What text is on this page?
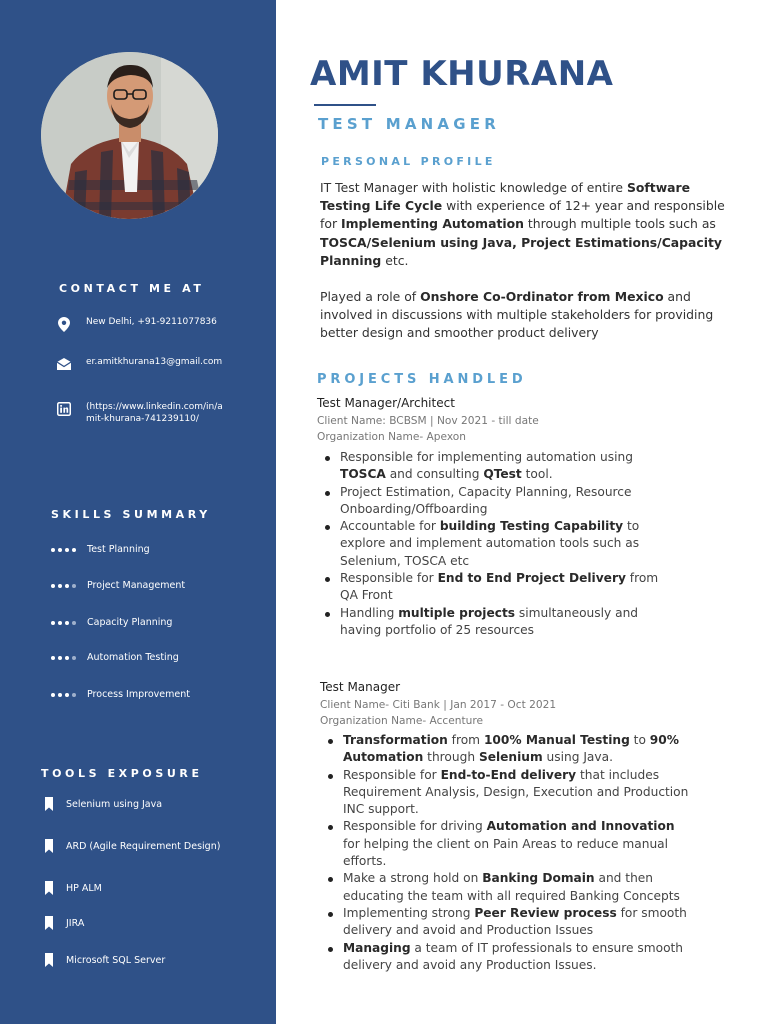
CONTACT ME AT
New Delhi, +91-9211077836
er.amitkhurana13@gmail.com
(https://www.linkedin.com/in/a
mit-khurana-741239110/
SKILLS SUMMARY
Test Planning
Project Management
Capacity Planning
Automation Testing
Process Improvement
TOOLS EXPOSURE
Selenium using Java
ARD (Agile Requirement Design)
HP ALM
JIRA
Microsoft SQL Server
AMIT KHURANA
TEST MANAGER
PERSONAL PROFILE
IT Test Manager with holistic knowledge of entire Software Testing Life Cycle with experience of 12+ year and responsible for Implementing Automation through multiple tools such as TOSCA/Selenium using Java, Project Estimations/Capacity Planning etc.
Played a role of Onshore Co-Ordinator from Mexico and involved in discussions with multiple stakeholders for providing better design and smoother product delivery
PROJECTS HANDLED
Test Manager/Architect
Client Name: BCBSM | Nov 2021 - till date
Organization Name- Apexon
Responsible for implementing automation using TOSCA and consulting QTest tool.
Project Estimation, Capacity Planning, Resource Onboarding/Offboarding
Accountable for building Testing Capability to explore and implement automation tools such as Selenium, TOSCA etc
Responsible for End to End Project Delivery from QA Front
Handling multiple projects simultaneously and having portfolio of 25 resources
Test Manager
Client Name- Citi Bank | Jan 2017 - Oct 2021
Organization Name- Accenture
Transformation from 100% Manual Testing to 90% Automation through Selenium using Java.
Responsible for End-to-End delivery that includes Requirement Analysis, Design, Execution and Production INC support.
Responsible for driving Automation and Innovation for helping the client on Pain Areas to reduce manual efforts.
Make a strong hold on Banking Domain and then educating the team with all required Banking Concepts
Implementing strong Peer Review process for smooth delivery and avoid and Production Issues
Managing a team of IT professionals to ensure smooth delivery and avoid any Production Issues.
